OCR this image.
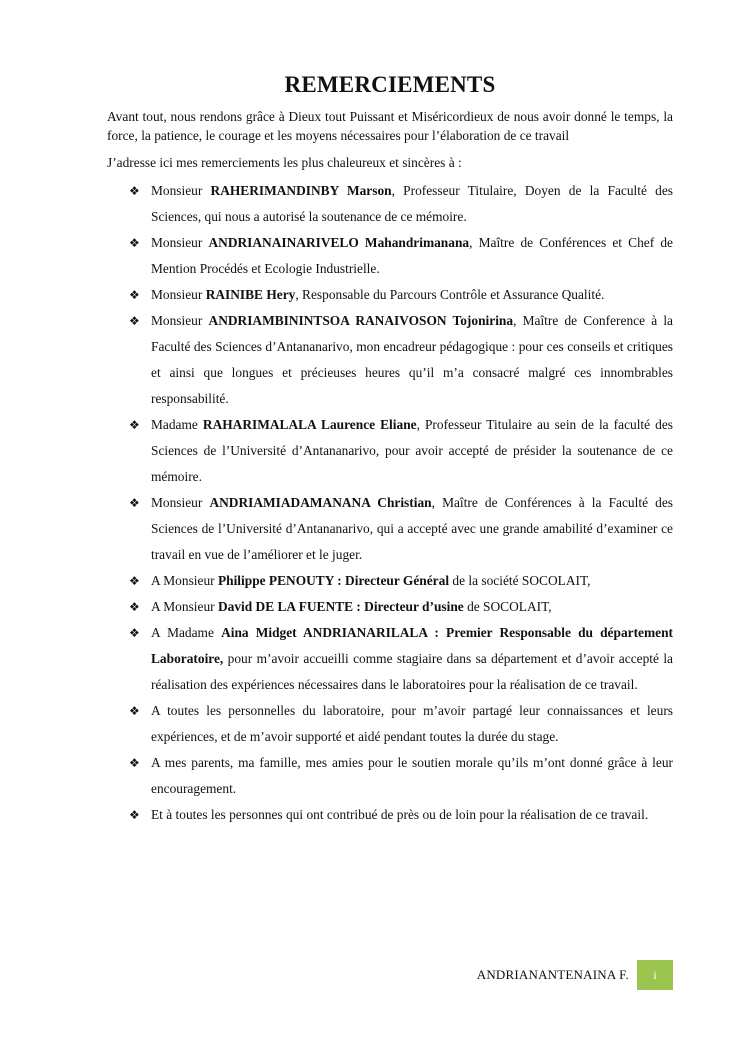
REMERCIEMENTS

Avant tout, nous rendons grâce à Dieux tout Puissant et Miséricordieux de nous avoir donné le temps, la force, la patience, le courage et les moyens nécessaires pour l’élaboration de ce travail

J’adresse ici mes remerciements les plus chaleureux et sincères à :

❖ Monsieur RAHERIMANDINBY Marson, Professeur Titulaire, Doyen de la Faculté des Sciences, qui nous a autorisé la soutenance de ce mémoire.
❖ Monsieur ANDRIANAINARIVELO Mahandrimanana, Maître de Conférences et Chef de Mention Procédés et Ecologie Industrielle.
❖ Monsieur RAINIBE Hery, Responsable du Parcours Contrôle et Assurance Qualité.
❖ Monsieur ANDRIAMBININTSOA RANAIVOSON Tojonirina, Maître de Conference à la Faculté des Sciences d’Antananarivo, mon encadreur pédagogique : pour ces conseils et critiques et ainsi que longues et précieuses heures qu’il m’a consacré malgré ces innombrables responsabilité.
❖ Madame RAHARIMALALA Laurence Eliane, Professeur Titulaire au sein de la faculté des Sciences de l’Université d’Antananarivo, pour avoir accepté de présider la soutenance de ce mémoire.
❖ Monsieur ANDRIAMIADAMANANA Christian, Maître de Conférences à la Faculté des Sciences de l’Université d’Antananarivo, qui a accepté avec une grande amabilité d’examiner ce travail en vue de l’améliorer et le juger.
❖ A Monsieur Philippe PENOUTY : Directeur Général de la société SOCOLAIT,
❖ A Monsieur David DE LA FUENTE : Directeur d’usine de SOCOLAIT,
❖ A Madame Aina Midget ANDRIANARILALA : Premier Responsable du département Laboratoire, pour m’avoir accueilli comme stagiaire dans sa département et d’avoir accepté la réalisation des expériences nécessaires dans le laboratoires pour la réalisation de ce travail.
❖ A toutes les personnelles du laboratoire, pour m’avoir partagé leur connaissances et leurs expériences, et de m’avoir supporté et aidé pendant toutes la durée du stage.
❖ A mes parents, ma famille, mes amies pour le soutien morale qu’ils m’ont donné grâce à leur encouragement.
❖ Et à toutes les personnes qui ont contribué de près ou de loin pour la réalisation de ce travail.
ANDRIANANTENAINA F.	i
